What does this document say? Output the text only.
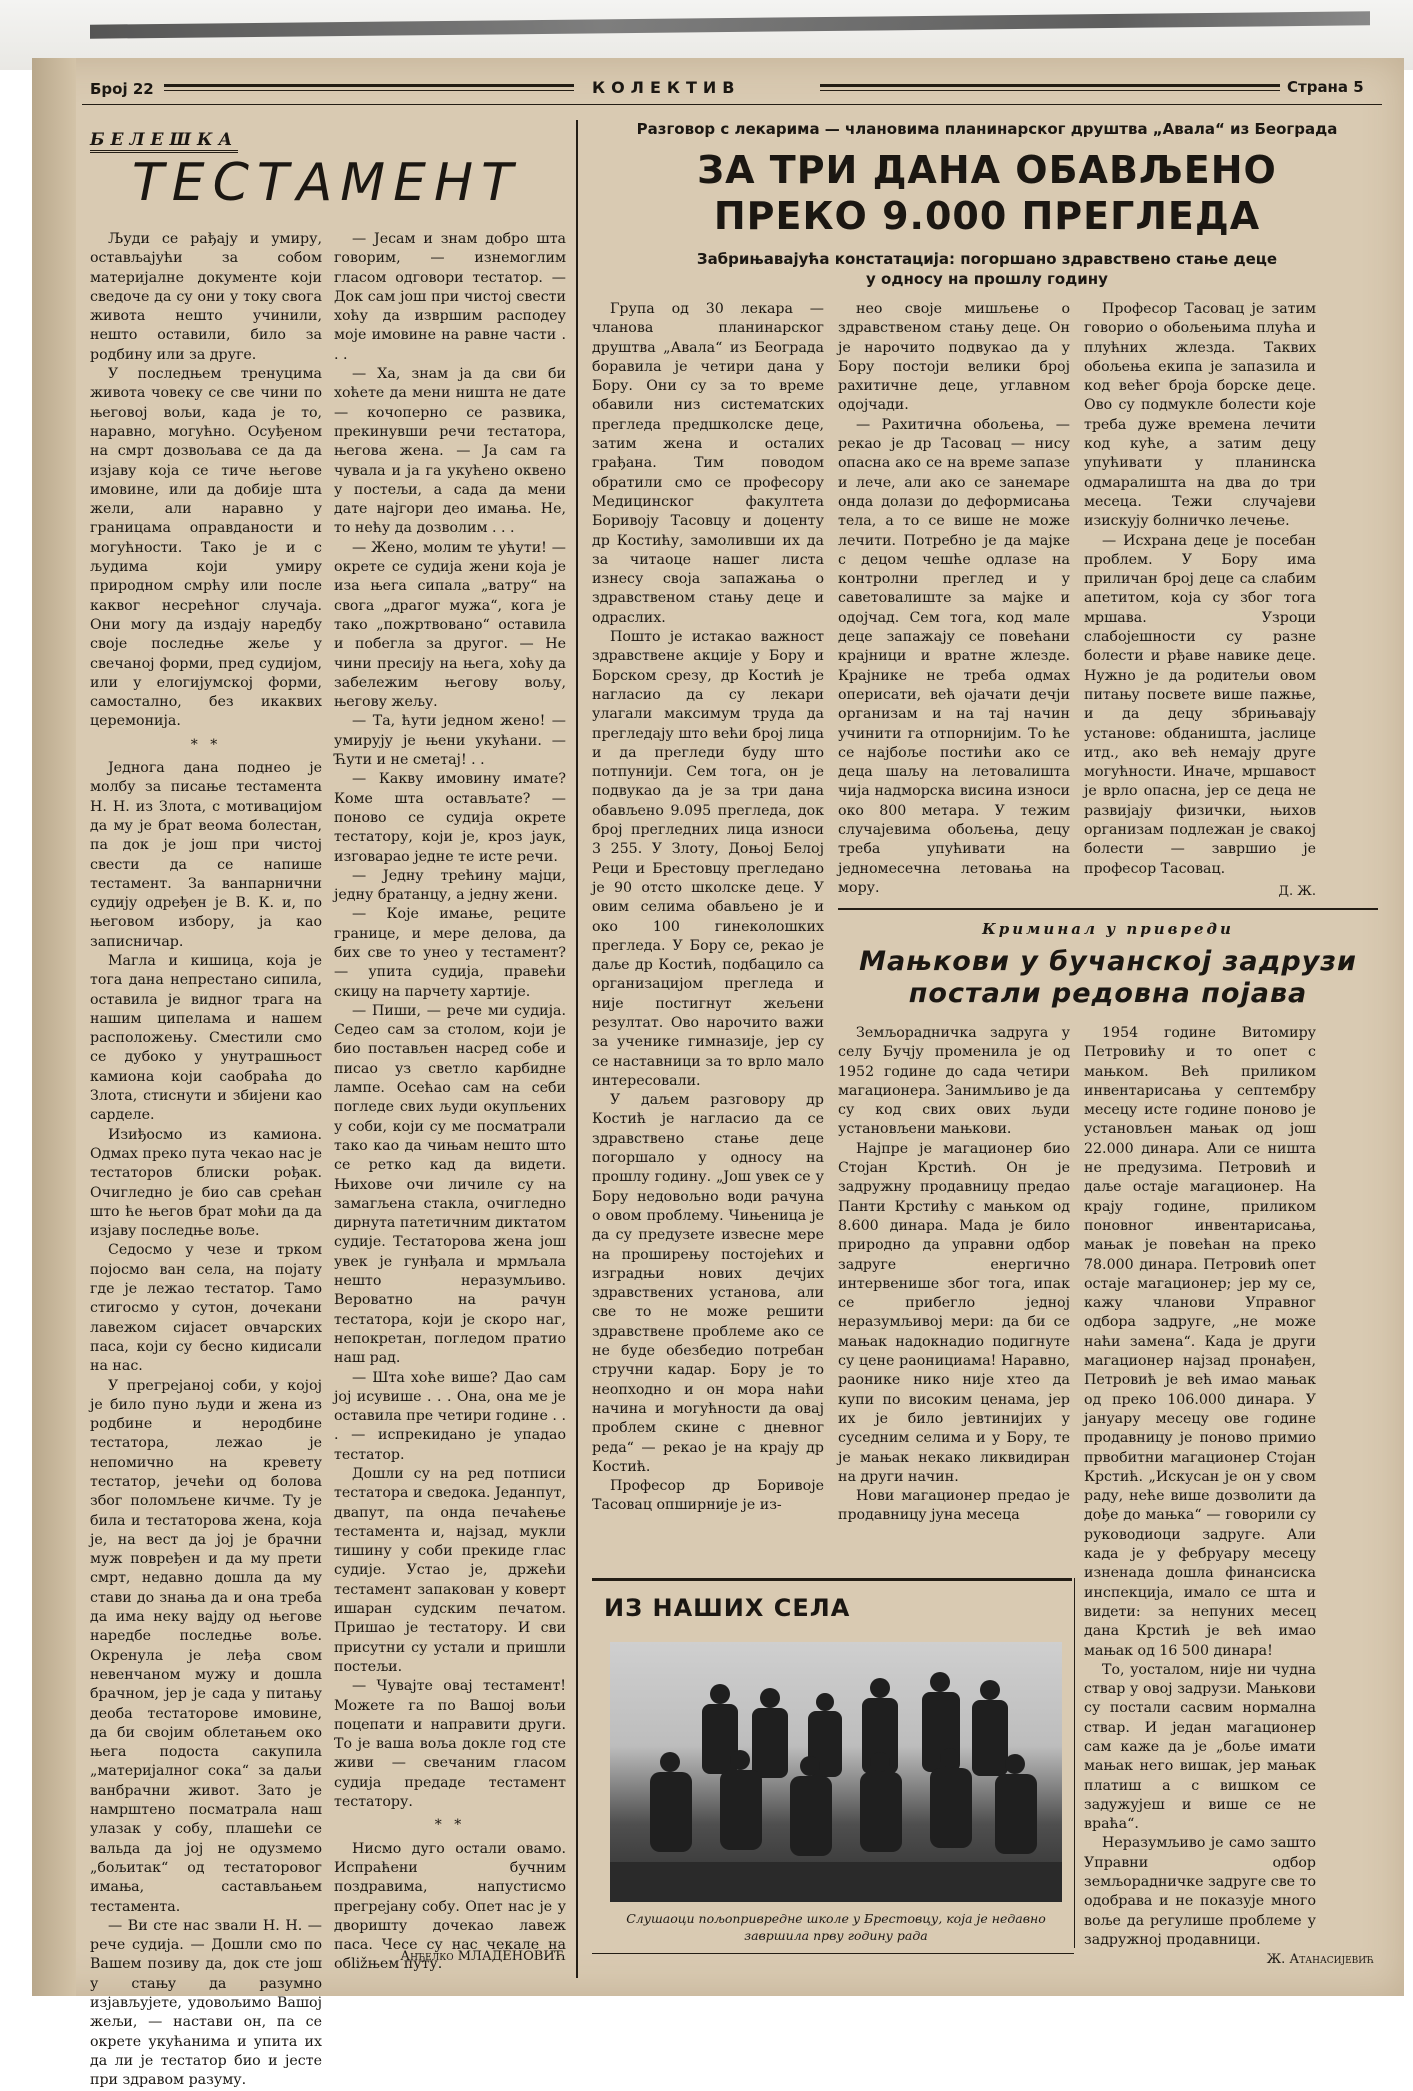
Број 22	КОЛЕКТИВ	Страна 5
БЕЛЕШКА
ТЕСТАМЕНТ

Људи се рађају и умиру, остављајући за собом материјалне документе који сведоче да су они у току свога живота нешто учинили, нешто оставили, било за родбину или за друге.

У последњем тренуцима живота човеку се све чини по његовој вољи, када је то, наравно, могућно. Осуђеном на смрт дозвољава се да да изјаву која се тиче његове имовине, или да добије шта жели, али наравно у границама оправданости и могућности. Тако је и с људима који умиру природном смрћу или после каквог несрећног случаја. Они могу да издају наредбу своје последње жеље у свечаној форми, пред судијом, или у елогијумској форми, самостално, без икаквих церемонија.

* *

Једнога дана поднео је молбу за писање тестамента Н. Н. из Злота, с мотивацијом да му је брат веома болестан, па док је још при чистој свести да се напише тестамент. За ванпарнични судију одређен је В. К. и, по његовом избору, ја као записничар.

Магла и кишица, која је тога дана непрестано сипила, оставила је видног трага на нашим ципелама и нашем расположењу. Сместили смо се дубоко у унутрашњост камиона који саобраћа до Злота, стиснути и збијени као сарделе.

Изиђосмо из камиона. Одмах преко пута чекао нас је тестаторов блиски рођак. Очигледно је био сав срећан што ће његов брат моћи да да изјаву последње воље.

Седосмо у чезе и трком појосмо ван села, на појату где је лежао тестатор. Тамо стигосмо у сутон, дочекани лавежом сијасет овчарских паса, који су бесно кидисали на нас.

У прегрејаној соби, у којој је било пуно људи и жена из родбине и неродбине тестатора, лежао је непомично на кревету тестатор, јечећи од болова због поломљене кичме. Ту је била и тестаторова жена, која је, на вест да јој је брачни муж повређен и да му прети смрт, недавно дошла да му стави до знања да и она треба да има неку вајду од његове наредбе последње воље. Окренула је леђа свом невенчаном мужу и дошла брачном, јер је сада у питању деоба тестаторове имовине, да би својим облетањем око њега подоста сакупила „материјалног сока“ за даљи ванбрачни живот. Зато је намрштено посматрала наш улазак у собу, плашећи се вальда да јој не одузмемо „бољитак“ од тестаторовог имања, састављањем тестамента.

— Ви сте нас звали Н. Н. — рече судија. — Дошли смо по Вашем позиву да, док сте још у стању да разумно изјављујете, удовољимо Вашој жељи, — настави он, па се окрете укућанима и упита их да ли је тестатор био и јесте при здравом разуму.

— Јесам и знам добро шта говорим, — изнемоглим гласом одговори тестатор. — Док сам још при чистој свести хоћу да извршим расподеу моје имовине на равне части . . .

— Ха, знам ја да сви би хоћете да мени ништа не дате — кочоперно се развика, прекинувши речи тестатора, његова жена. — Ја сам га чувала и ја га укућено оквено у постељи, а сада да мени дате најгори део имања. Не, то нећу да дозволим . . .

— Жено, молим те ућути! — окрете се судија жени која је иза њега сипала „ватру“ на свога „драгог мужа“, кога је тако „пожртвовано“ оставила и побегла за другог. — Не чини пресију на њега, хоћу да забележим његову вољу, његову жељу.

— Та, ћути једном жено! — умирују је њени укућани. — Ћути и не сметај! . .

— Какву имовину имате? Коме шта остављате? — поново се судија окрете тестатору, који је, кроз јаук, изговарао једне те исте речи.

— Једну трећину мајци, једну братанцу, а једну жени.

— Које имање, реците границе, и мере делова, да бих све то унео у тестамент? — упита судија, правећи скицу на парчету хартије.

— Пиши, — рече ми судија. Седео сам за столом, који је био постављен насред собе и писао уз светло карбидне лампе. Осећао сам на себи погледе свих људи окупљених у соби, који су ме посматрали тако као да чињам нешто што се ретко кад да видети. Њихове очи личиле су на замагљена стакла, очигледно дирнута патетичним диктатом судије. Тестаторова жена још увек је гунђала и мрмљала нешто неразумљиво. Вероватно на рачун тестатора, који је скоро наг, непокретан, погледом пратио наш рад.

— Шта хоће више? Дао сам јој исувише . . . Она, она ме је оставила пре четири године . . . — испрекидано је упадао тестатор.

Дошли су на ред потписи тестатора и сведока. Једанпут, двапут, па онда печаћење тестамента и, најзад, мукли тишину у соби прекиде глас судије. Устао је, држећи тестамент запакован у коверт ишаран судским печатом. Пришао је тестатору. И сви присутни су устали и пришли постељи.

— Чувајте овај тестамент! Можете га по Вашој вољи поцепати и направити други. То је ваша воља докле год сте живи — свечаним гласом судија предаде тестамент тестатору.

* *

Нисмо дуго остали овамо. Испраћени бучним поздравима, напустисмо прегрејану собу. Опет нас је у дворишту дочекао лавеж паса. Чесе су нас чекале на обližњем путу.

Анђелко МЛАДЕНОВИЋ
Разговор с лекарима — члановима планинарског друштва „Авала“ из Београда
ЗА ТРИ ДАНА ОБАВЉЕНО
ПРЕКО 9.000 ПРЕГЛЕДА
Забрињавајућа констатација: погоршано здравствено стање деце
у односу на прошлу годину

Група од 30 лекара — чланова планинарског друштва „Авала“ из Београда боравила је четири дана у Бору. Они су за то време обавили низ систематских прегледа предшколске деце, затим жена и осталих грађана. Тим поводом обратили смо се професору Медицинског факултета Боривоју Тасовцу и доценту др Костићу, замоливши их да за читаоце нашег листа изнесу своја запажања о здравственом стању деце и одраслих.

Пошто је истакао важност здравствене акције у Бору и Борском срезу, др Костић је нагласио да су лекари улагали максимум труда да прегледају што већи број лица и да прегледи буду што потпунији. Сем тога, он је подвукао да је за три дана обављено 9.095 прегледа, док број прегледних лица износи 3 255. У Злоту, Доњој Белој Реци и Брестовцу прегледано је 90 отсто школске деце. У овим селима обављено је и око 100 гинеколошких прегледа. У Бору се, рекао је даље др Костић, подбацило са организацијом прегледа и није постигнут жељени резултат. Ово нарочито важи за ученике гимназије, јер су се наставници за то врло мало интересовали.

У даљем разговору др Костић је нагласио да се здравствено стање деце погоршало у односу на прошлу годину. „Још увек се у Бору недовољно води рачуна о овом проблему. Чињеница је да су предузете извесне мере на проширењу постојећих и изградњи нових дечјих здравствених установа, али све то не може решити здравствене проблеме ако се не буде обезбедио потребан стручни кадар. Бору је то неопходно и он мора наћи начина и могућности да овај проблем скине с дневног реда“ — рекао је на крају др Костић.

Професор др Боривоје Тасовац опширније је из-

нео своје мишљење о здравственом стању деце. Он је нарочито подвукао да у Бору постоји велики број рахитичне деце, углавном одојчади.

— Рахитична обољења, — рекао је др Тасовац — нису опасна ако се на време запазе и лече, али ако се занемаре онда долази до деформисања тела, а то се више не може лечити. Потребно је да мајке с децом чешће одлазе на контролни преглед и у саветовалиште за мајке и одојчад. Сем тога, код мале деце запажају се повећани крајници и вратне жлезде. Крајнике не треба одмах оперисати, већ ојачати дечји организам и на тај начин учинити га отпорнијим. То ће се најбоље постићи ако се деца шаљу на летовалишта чија надморска висина износи око 800 метара. У тежим случајевима обољења, децу треба упућивати на једномесечна летовања на мору.

Професор Тасовац је затим говорио о обољењима плућа и плућних жлезда. Таквих обољења екипа је запазила и код већег броја борске деце. Ово су подмукле болести које треба дуже времена лечити код куће, а затим децу упућивати у планинска одмаралишта на два до три месеца. Тежи случајеви изискују болничко лечење.

— Исхрана деце је посебан проблем. У Бору има приличан број деце са слабим апетитом, која су због тога мршава. Узроци слабојешности су разне болести и рђаве навике деце. Нужно је да родитељи овом питању посвете више пажње, и да децу збрињавају установе: обданишта, јаслице итд., ако већ немају друге могућности. Иначе, мршавост је врло опасна, јер се деца не развијају физички, њихов организам подлежан је свакој болести — завршио је професор Тасовац.

Д. Ж.
Криминал у привреди
Мањкови у бучанској задрузи
постали редовна појава

Земљорадничка задруга у селу Бучју променила је од 1952 године до сада четири магационера. Занимљиво је да су код свих ових људи установљени мањкови.

Најпре је магационер био Стојан Крстић. Он је задружну продавницу предао Панти Крстићу с мањком од 8.600 динара. Мада је било природно да управни одбор задруге енергично интервенише због тога, ипак се прибегло једној неразумљивој мери: да би се мањак надокнадио подигнуте су цене раонициама! Наравно, раонике нико није хтео да купи по високим ценама, јер их је било јевтинијих у суседним селима и у Бору, те је мањак некако ликвидиран на други начин.

Нови магационер предао је продавницу јуна месеца

1954 године Витомиру Петровићу и то опет с мањком. Већ приликом инвентарисања у септембру месецу исте године поново је установљен мањак од још 22.000 динара. Али се ништа не предузима. Петровић и даље остаје магационер. На крају године, приликом поновног инвентарисања, мањак је повећан на преко 78.000 динара. Петровић опет остаје магационер; јер му се, кажу чланови Управног одбора задруге, „не може наћи замена“. Када је други магационер најзад пронађен, Петровић је већ имао мањак од преко 106.000 динара. У јануару месецу ове године продавницу је поново примио првобитни магационер Стојан Крстић. „Искусан је он у свом раду, неће више дозволити да дође до мањка“ — говорили су руководиоци задруге. Али када је у фебруару месецу изненада дошла финансиска инспекција, имало се шта и видети: за непуних месец дана Крстић је већ имао мањак од 16 500 динара!

То, уосталом, није ни чудна ствар у овој задрузи. Мањкови су постали сасвим нормална ствар. И један магационер сам каже да је „боље имати мањак него вишак, јер мањак платиш а с вишком се задужујеш и више се не враћа“.

Неразумљиво је само зашто Управни одбор земљорадничке задруге све то одобрава и не показује много воље да регулише проблеме у задружној продавници.

Ж. Атанасијевић
ИЗ НАШИХ СЕЛА
Слушаоци пољопривредне школе у Брестовцу, која је недавно
завршила прву годину рада
